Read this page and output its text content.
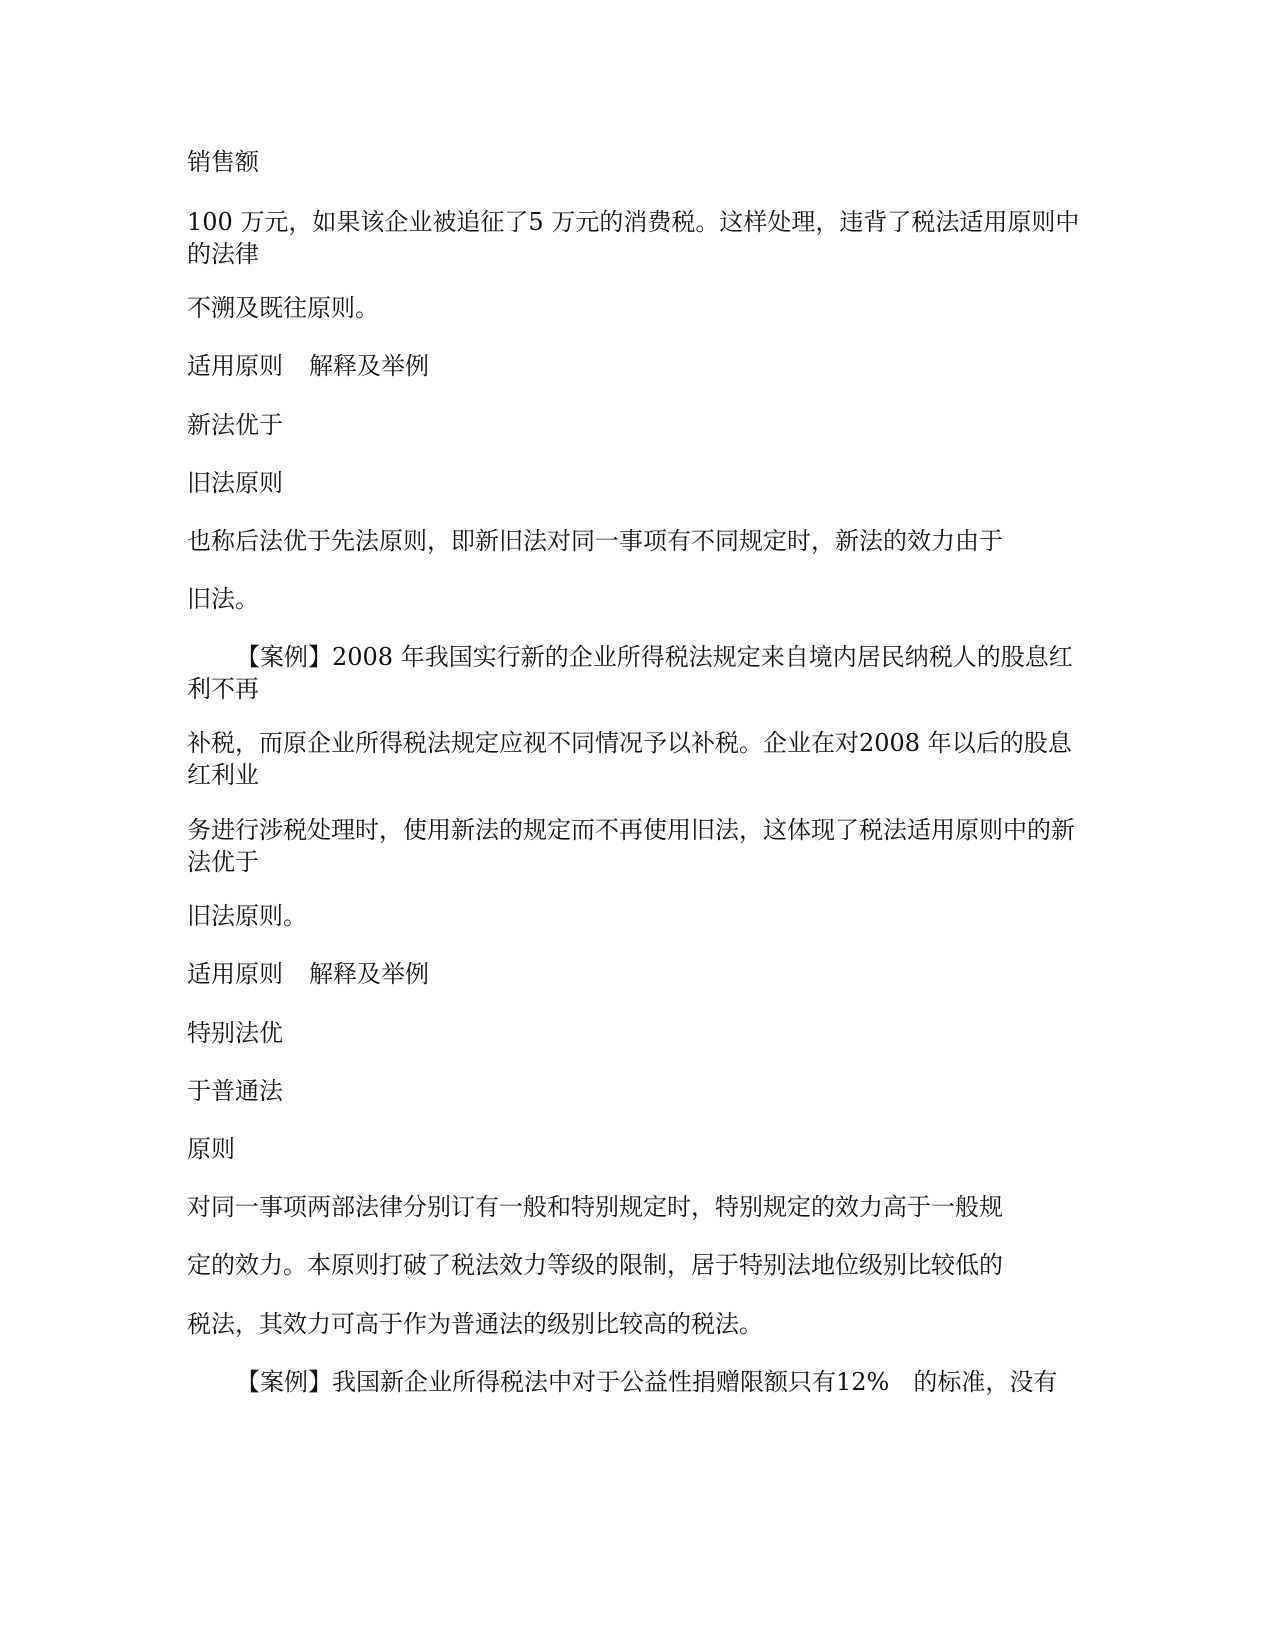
销售额
100 万元，如果该企业被追征了5 万元的消费税。这样处理，违背了税法适用原则中的法律
不溯及既往原则。
适用原则 解释及举例
新法优于
旧法原则
也称后法优于先法原则，即新旧法对同一事项有不同规定时，新法的效力由于
旧法。
【案例】2008 年我国实行新的企业所得税法规定来自境内居民纳税人的股息红利不再
补税，而原企业所得税法规定应视不同情况予以补税。企业在对2008 年以后的股息红利业
务进行涉税处理时，使用新法的规定而不再使用旧法，这体现了税法适用原则中的新法优于
旧法原则。
适用原则 解释及举例
特别法优
于普通法
原则
对同一事项两部法律分别订有一般和特别规定时，特别规定的效力高于一般规
定的效力。本原则打破了税法效力等级的限制，居于特别法地位级别比较低的
税法，其效力可高于作为普通法的级别比较高的税法。
【案例】我国新企业所得税法中对于公益性捐赠限额只有12%　的标准，没有
